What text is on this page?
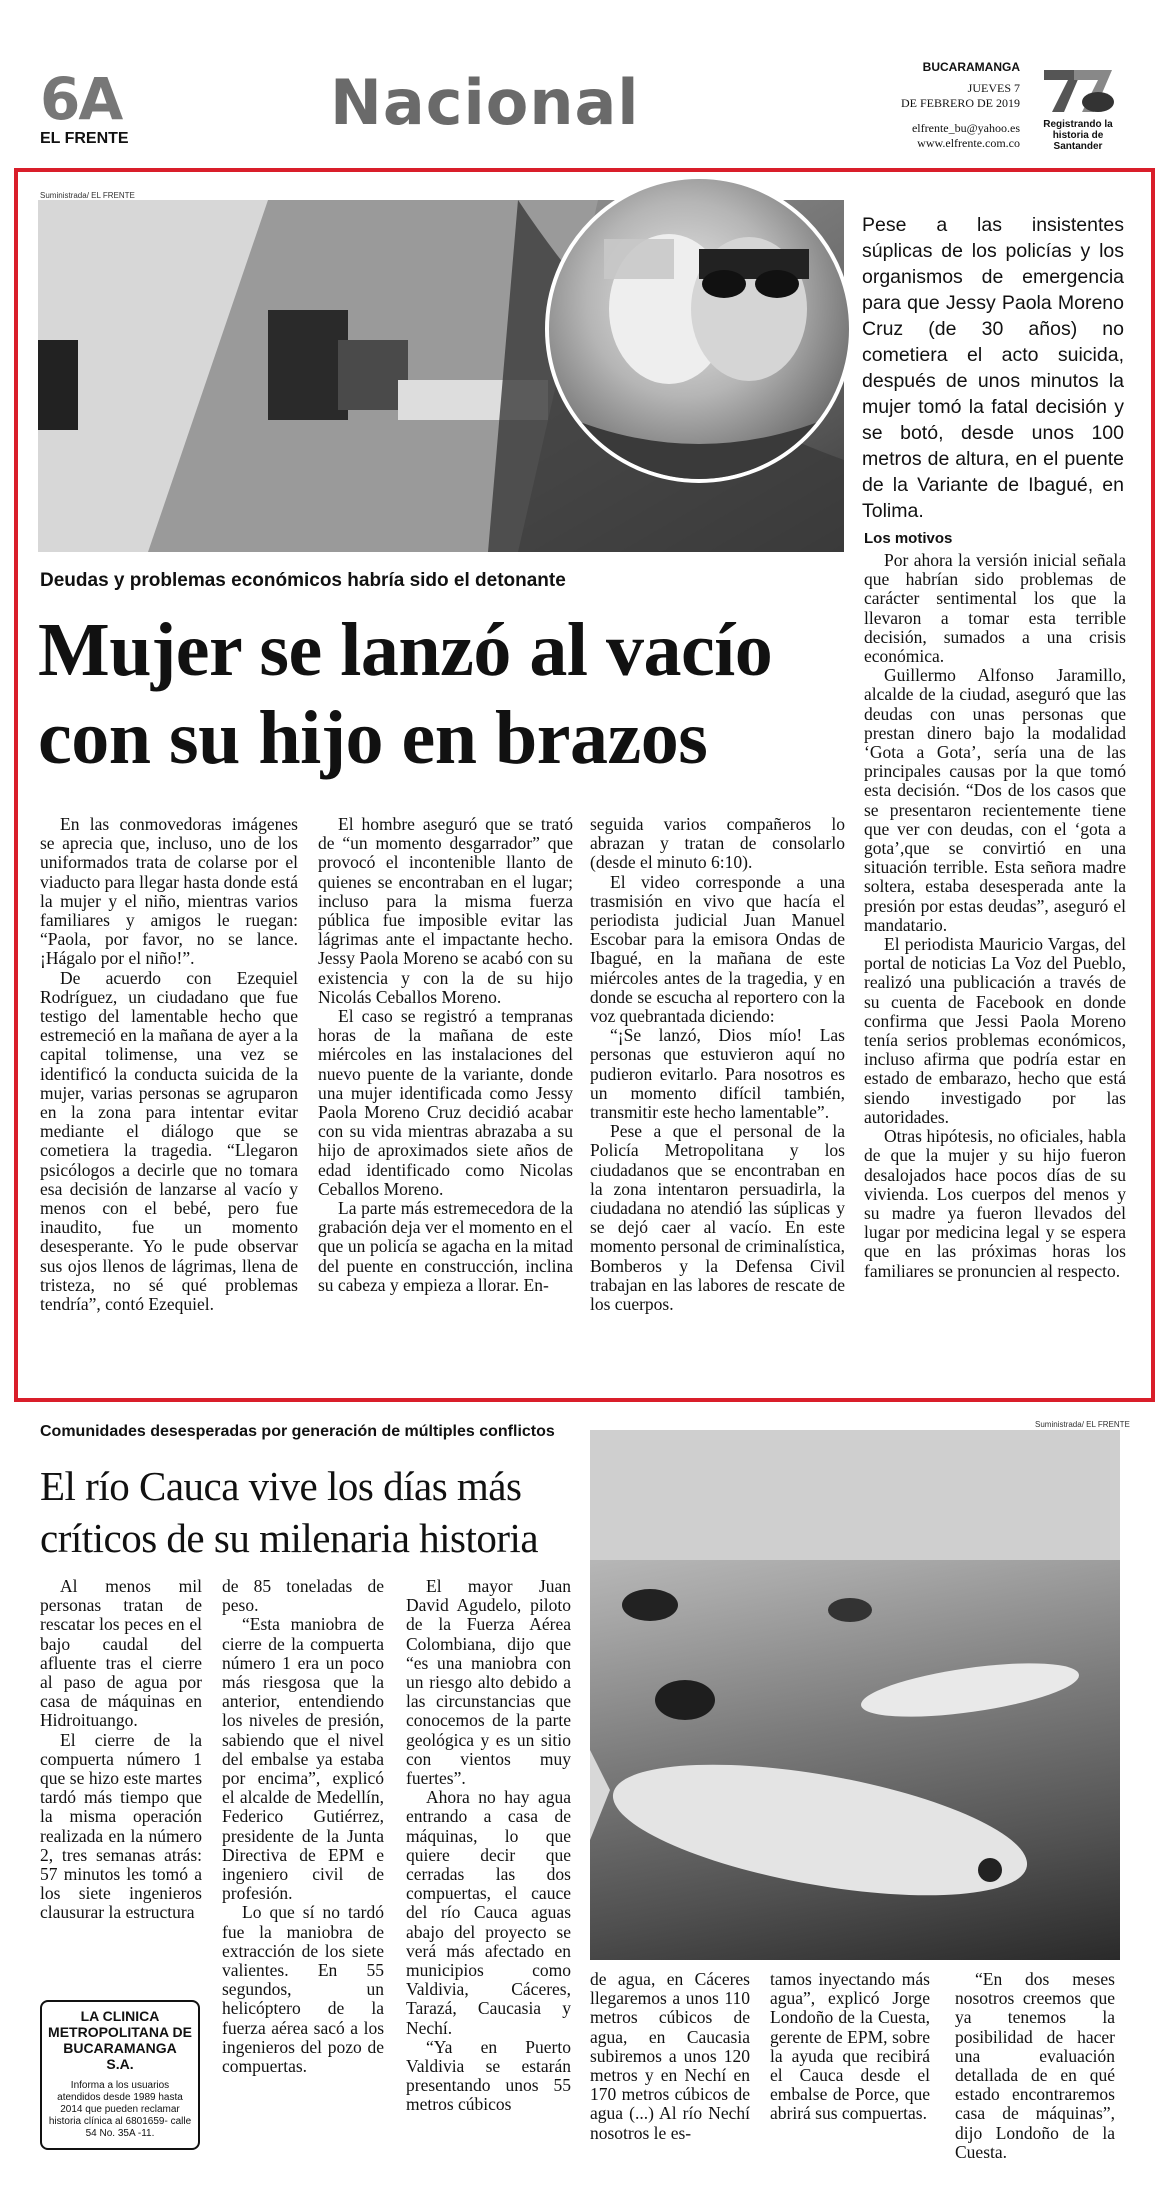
6A
EL FRENTE	Nacional	BUCARAMANGA
JUEVES 7
DE FEBRERO DE 2019
elfrente_bu@yahoo.es
www.elfrente.com.co
Registrando la historia de Santander
Suministrada/ EL FRENTE
Pese a las insistentes súplicas de los policías y los organismos de emergencia para que Jessy Paola Moreno Cruz (de 30 años) no cometiera el acto suicida, después de unos minutos la mujer tomó la fatal decisión y se botó, desde unos 100 metros de altura, en el puente de la Variante de Ibagué, en Tolima.
Deudas y problemas económicos habría sido el detonante
Mujer se lanzó al vacío
con su hijo en brazos

En las conmovedoras imágenes se aprecia que, incluso, uno de los uniformados trata de colarse por el viaducto para llegar hasta donde está la mujer y el niño, mientras varios familiares y amigos le ruegan: “Paola, por favor, no se lance. ¡Hágalo por el niño!”.

De acuerdo con Ezequiel Rodríguez, un ciudadano que fue testigo del lamentable hecho que estremeció en la mañana de ayer a la capital tolimense, una vez se identificó la conducta suicida de la mujer, varias personas se agruparon en la zona para intentar evitar mediante el diálogo que se cometiera la tragedia. “Llegaron psicólogos a decirle que no tomara esa decisión de lanzarse al vacío y menos con el bebé, pero fue inaudito, fue un momento desesperante. Yo le pude observar sus ojos llenos de lágrimas, llena de tristeza, no sé qué problemas tendría”, contó Ezequiel.

El hombre aseguró que se trató de “un momento desgarrador” que provocó el incontenible llanto de quienes se encontraban en el lugar; incluso para la misma fuerza pública fue imposible evitar las lágrimas ante el impactante hecho. Jessy Paola Moreno se acabó con su existencia y con la de su hijo Nicolás Ceballos Moreno.

El caso se registró a tempranas horas de la mañana de este miércoles en las instalaciones del nuevo puente de la variante, donde una mujer identificada como Jessy Paola Moreno Cruz decidió acabar con su vida mientras abrazaba a su hijo de aproximados siete años de edad identificado como Nicolas Ceballos Moreno.

La parte más estremecedora de la grabación deja ver el momento en el que un policía se agacha en la mitad del puente en construcción, inclina su cabeza y empieza a llorar. En-

seguida varios compañeros lo abrazan y tratan de consolarlo (desde el minuto 6:10).

El video corresponde a una trasmisión en vivo que hacía el periodista judicial Juan Manuel Escobar para la emisora Ondas de Ibagué, en la mañana de este miércoles antes de la tragedia, y en donde se escucha al reportero con la voz quebrantada diciendo:

“¡Se lanzó, Dios mío! Las personas que estuvieron aquí no pudieron evitarlo. Para nosotros es un momento difícil también, transmitir este hecho lamentable”.

Pese a que el personal de la Policía Metropolitana y los ciudadanos que se encontraban en la zona intentaron persuadirla, la ciudadana no atendió las súplicas y se dejó caer al vacío. En este momento personal de criminalística, Bomberos y la Defensa Civil trabajan en las labores de rescate de los cuerpos.

Los motivos

Por ahora la versión inicial señala que habrían sido problemas de carácter sentimental los que la llevaron a tomar esta terrible decisión, sumados a una crisis económica.

Guillermo Alfonso Jaramillo, alcalde de la ciudad, aseguró que las deudas con unas personas que prestan dinero bajo la modalidad ‘Gota a Gota’, sería una de las principales causas por la que tomó esta decisión. “Dos de los casos que se presentaron recientemente tiene que ver con deudas, con el ‘gota a gota’,que se convirtió en una situación terrible. Esta señora madre soltera, estaba desesperada ante la presión por estas deudas”, aseguró el mandatario.

El periodista Mauricio Vargas, del portal de noticias La Voz del Pueblo, realizó una publicación a través de su cuenta de Facebook en donde confirma que Jessi Paola Moreno tenía serios problemas económicos, incluso afirma que podría estar en estado de embarazo, hecho que está siendo investigado por las autoridades.

Otras hipótesis, no oficiales, habla de que la mujer y su hijo fueron desalojados hace pocos días de su vivienda. Los cuerpos del menos y su madre ya fueron llevados del lugar por medicina legal y se espera que en las próximas horas los familiares se pronuncien al respecto.

Comunidades desesperadas por generación de múltiples conflictos
El río Cauca vive los días más
críticos de su milenaria historia
Suministrada/ EL FRENTE

Al menos mil personas tratan de rescatar los peces en el bajo caudal del afluente tras el cierre al paso de agua por casa de máquinas en Hidroituango.

El cierre de la compuerta número 1 que se hizo este martes tardó más tiempo que la misma operación realizada en la número 2, tres semanas atrás: 57 minutos les tomó a los siete ingenieros clausurar la estructura

de 85 toneladas de peso.

“Esta maniobra de cierre de la compuerta número 1 era un poco más riesgosa que la anterior, entendiendo los niveles de presión, sabiendo que el nivel del embalse ya estaba por encima”, explicó el alcalde de Medellín, Federico Gutiérrez, presidente de la Junta Directiva de EPM e ingeniero civil de profesión.

Lo que sí no tardó fue la maniobra de extracción de los siete valientes. En 55 segundos, un helicóptero de la fuerza aérea sacó a los ingenieros del pozo de compuertas.

El mayor Juan David Agudelo, piloto de la Fuerza Aérea Colombiana, dijo que “es una maniobra con un riesgo alto debido a las circunstancias que conocemos de la parte geológica y es un sitio con vientos muy fuertes”.

Ahora no hay agua entrando a casa de máquinas, lo que quiere decir que cerradas las dos compuertas, el cauce del río Cauca aguas abajo del proyecto se verá más afectado en municipios como Valdivia, Cáceres, Tarazá, Caucasia y Nechí.

“Ya en Puerto Valdivia se estarán presentando unos 55 metros cúbicos

de agua, en Cáceres llegaremos a unos 110 metros cúbicos de agua, en Caucasia subiremos a unos 120 metros y en Nechí en 170 metros cúbicos de agua (...) Al río Nechí nosotros le es-

tamos inyectando más agua”, explicó Jorge Londoño de la Cuesta, gerente de EPM, sobre la ayuda que recibirá el Cauca desde el embalse de Porce, que abrirá sus compuertas.

“En dos meses nosotros creemos que ya tenemos la posibilidad de hacer una evaluación detallada de en qué estado encontraremos casa de máquinas”, dijo Londoño de la Cuesta.

LA CLINICA METROPOLITANA DE BUCARAMANGA S.A.
Informa a los usuarios atendidos desde 1989 hasta 2014 que pueden reclamar historia clínica al 6801659- calle 54 No. 35A -11.
